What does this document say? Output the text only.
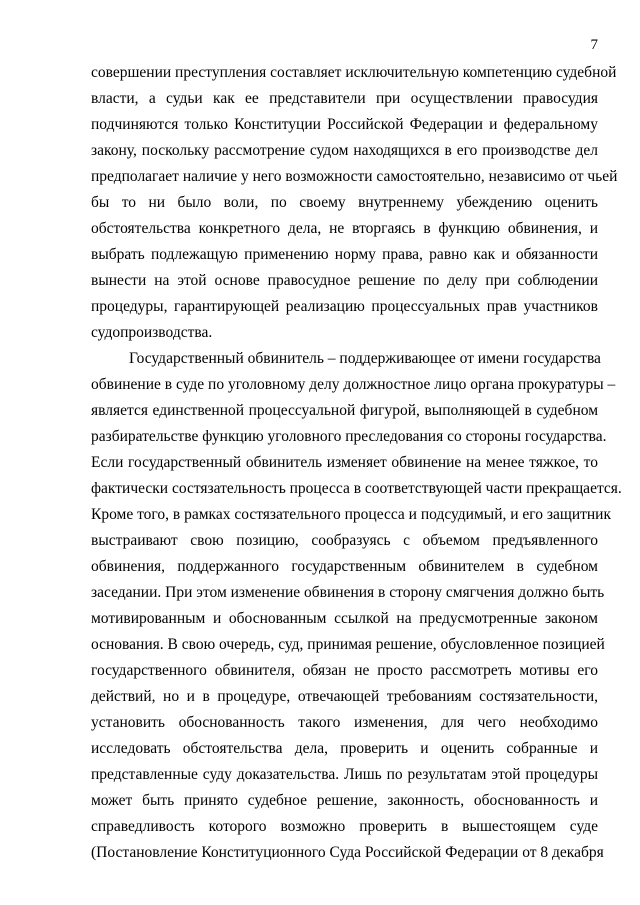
7
совершении преступления составляет исключительную компетенцию судебной
власти, а судьи как ее представители при осуществлении правосудия
подчиняются только Конституции Российской Федерации и федеральному
закону, поскольку рассмотрение судом находящихся в его производстве дел
предполагает наличие у него возможности самостоятельно, независимо от чьей
бы то ни было воли, по своему внутреннему убеждению оценить
обстоятельства конкретного дела, не вторгаясь в функцию обвинения, и
выбрать подлежащую применению норму права, равно как и обязанности
вынести на этой основе правосудное решение по делу при соблюдении
процедуры, гарантирующей реализацию процессуальных прав участников
судопроизводства.
Государственный обвинитель – поддерживающее от имени государства
обвинение в суде по уголовному делу должностное лицо органа прокуратуры –
является единственной процессуальной фигурой, выполняющей в судебном
разбирательстве функцию уголовного преследования со стороны государства.
Если государственный обвинитель изменяет обвинение на менее тяжкое, то
фактически состязательность процесса в соответствующей части прекращается.
Кроме того, в рамках состязательного процесса и подсудимый, и его защитник
выстраивают свою позицию, сообразуясь с объемом предъявленного
обвинения, поддержанного государственным обвинителем в судебном
заседании. При этом изменение обвинения в сторону смягчения должно быть
мотивированным и обоснованным ссылкой на предусмотренные законом
основания. В свою очередь, суд, принимая решение, обусловленное позицией
государственного обвинителя, обязан не просто рассмотреть мотивы его
действий, но и в процедуре, отвечающей требованиям состязательности,
установить обоснованность такого изменения, для чего необходимо
исследовать обстоятельства дела, проверить и оценить собранные и
представленные суду доказательства. Лишь по результатам этой процедуры
может быть принято судебное решение, законность, обоснованность и
справедливость которого возможно проверить в вышестоящем суде
(Постановление Конституционного Суда Российской Федерации от 8 декабря
